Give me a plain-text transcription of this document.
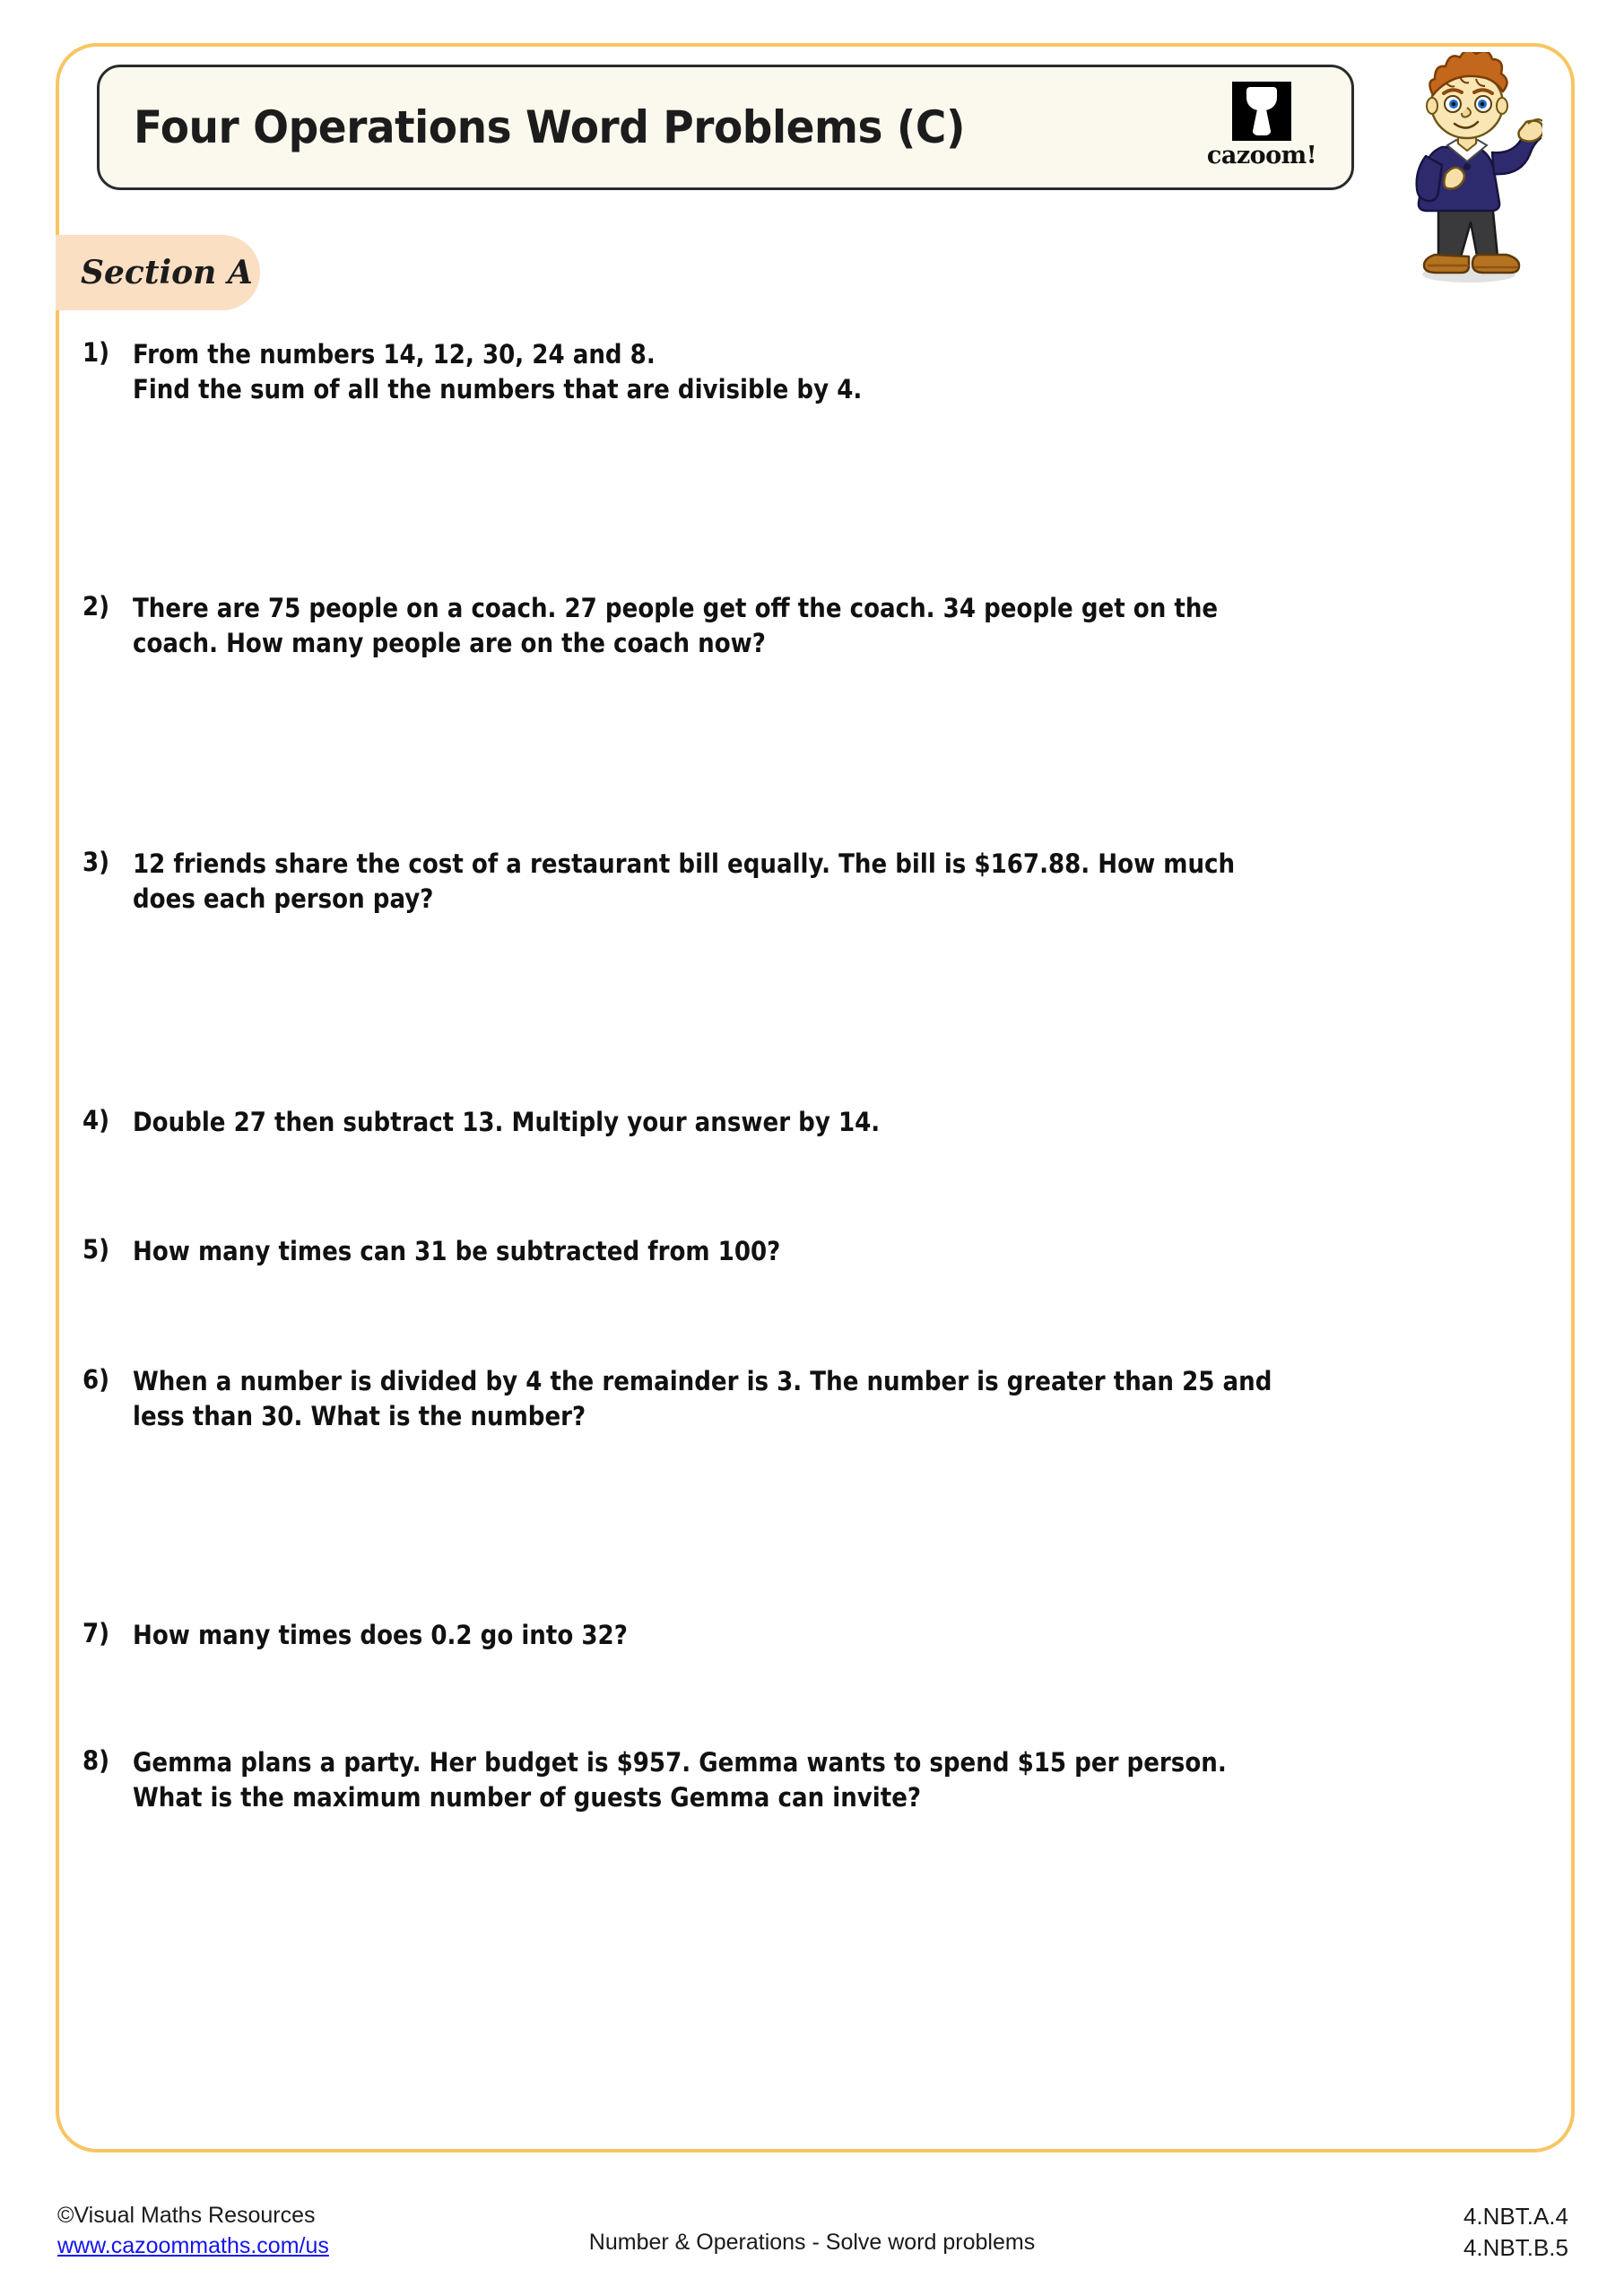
Four Operations Word Problems (C)
cazoom!
Section A
1) From the numbers 14, 12, 30, 24 and 8.
Find the sum of all the numbers that are divisible by 4.
2) There are 75 people on a coach. 27 people get off the coach. 34 people get on the
coach. How many people are on the coach now?
3) 12 friends share the cost of a restaurant bill equally. The bill is $167.88. How much
does each person pay?
4) Double 27 then subtract 13. Multiply your answer by 14.
5) How many times can 31 be subtracted from 100?
6) When a number is divided by 4 the remainder is 3. The number is greater than 25 and
less than 30. What is the number?
7) How many times does 0.2 go into 32?
8) Gemma plans a party. Her budget is $957. Gemma wants to spend $15 per person.
What is the maximum number of guests Gemma can invite?
©Visual Maths Resources
www.cazoommaths.com/us	Number & Operations - Solve word problems
4.NBT.A.4
4.NBT.B.5
